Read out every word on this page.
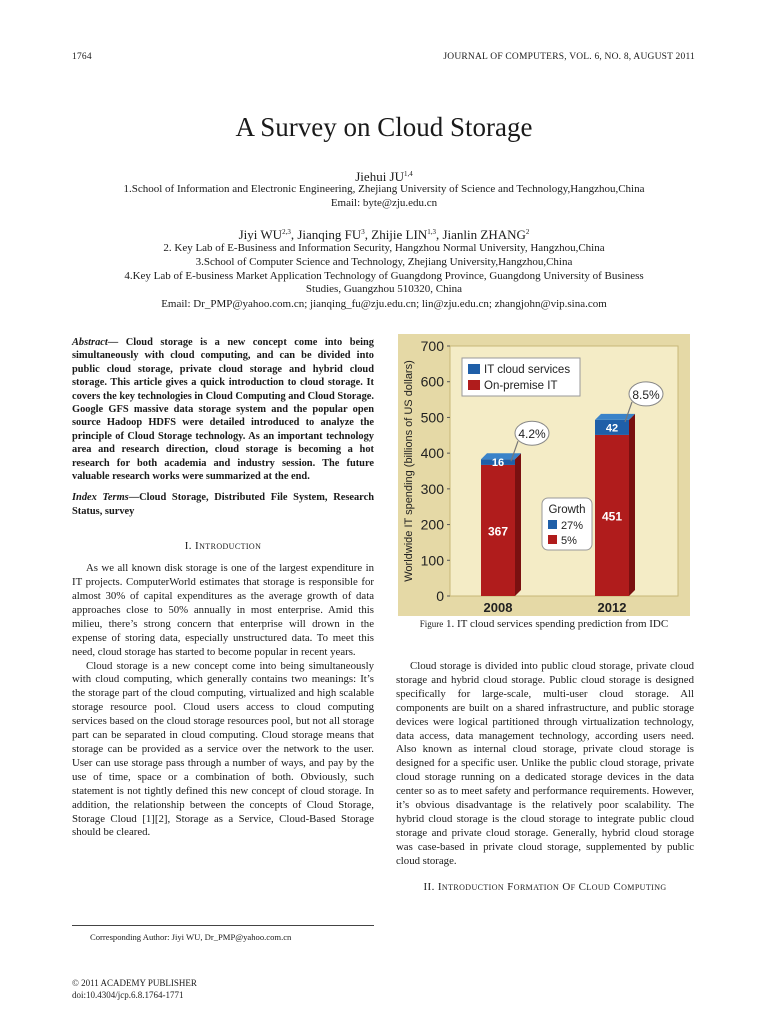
1764	JOURNAL OF COMPUTERS, VOL. 6, NO. 8, AUGUST 2011
A Survey on Cloud Storage
Jiehui JU$^{1,4}$
1.School of Information and Electronic Engineering, Zhejiang University of Science and Technology,Hangzhou,China
Email: byte@zju.edu.cn
Jiyi WU$^{2,3}$, Jianqing $FU^3$, Zhijie LIN$^{1,3}$, Jianlin ZHANG$^2$
2. Key Lab of E-Business and Information Security, Hangzhou Normal University, Hangzhou,China
3.School of Computer Science and Technology, Zhejiang University,Hangzhou,China
4.Key Lab of E-business Market Application Technology of Guangdong Province, Guangdong University of Business
Studies, Guangzhou 510320, China
Email: Dr_PMP@yahoo.com.cn; jianqing_fu@zju.edu.cn; lin@zju.edu.cn; zhangjohn@vip.sina.com
Abstract— Cloud storage is a new concept come into being simultaneously with cloud computing, and can be divided into public cloud storage, private cloud storage and hybrid cloud storage. This article gives a quick introduction to cloud storage. It covers the key technologies in Cloud Computing and Cloud Storage. Google GFS massive data storage system and the popular open source Hadoop HDFS were detailed introduced to analyze the principle of Cloud Storage technology. As an important technology area and research direction, cloud storage is becoming a hot research for both academia and industry session. The future valuable research works were summarized at the end.
Index Terms—Cloud Storage, Distributed File System, Research Status, survey
I. Introduction

As we all known disk storage is one of the largest expenditure in IT projects. ComputerWorld estimates that storage is responsible for almost 30% of capital expenditures as the average growth of data approaches close to 50% annually in most enterprise. Amid this milieu, there’s strong concern that enterprise will drown in the expense of storing data, especially unstructured data. To meet this need, cloud storage has started to become popular in recent years.

Cloud storage is a new concept come into being simultaneously with cloud computing, which generally contains two meanings: It’s the storage part of the cloud computing, virtualized and high scalable storage resource pool. Cloud users access to cloud computing services based on the cloud storage resources pool, but not all storage part can be separated in cloud computing. Cloud storage means that storage can be provided as a service over the network to the user. User can use storage pass through a number of ways, and pay by the use of time, space or a combination of both. Obviously, such statement is not tightly defined this new concept of cloud storage. In addition, the relationship between the concepts of Cloud Storage, Storage Cloud [1][2], Storage as a Service, Cloud-Based Storage should be cleared.

0
100
200
300
400
500
600
700
Worldwide IT spending (billions of US dollars)	367
16
2008
4.2%
451
42
2012
8.5%
IT cloud services
On-premise IT
Growth
27%
5%
Figure 1. IT cloud services spending prediction from IDC

Cloud storage is divided into public cloud storage, private cloud storage and hybrid cloud storage. Public cloud storage is designed specifically for large-scale, multi-user cloud storage. All components are built on a shared infrastructure, and public storage devices were logical partitioned through virtualization technology, data access, data management technology, according users need. Also known as internal cloud storage, private cloud storage is designed for a specific user. Unlike the public cloud storage, private cloud storage running on a dedicated storage devices in the data center so as to meet safety and performance requirements. However, it’s obvious disadvantage is the relatively poor scalability. The hybrid cloud storage is the cloud storage to integrate public cloud storage and private cloud storage. Generally, hybrid cloud storage was case-based in private cloud storage, supplemented by public cloud storage.

II. Introduction Formation Of Cloud Computing
Corresponding Author: Jiyi WU, Dr_PMP@yahoo.com.cn
© 2011 ACADEMY PUBLISHER
doi:10.4304/jcp.6.8.1764-1771
